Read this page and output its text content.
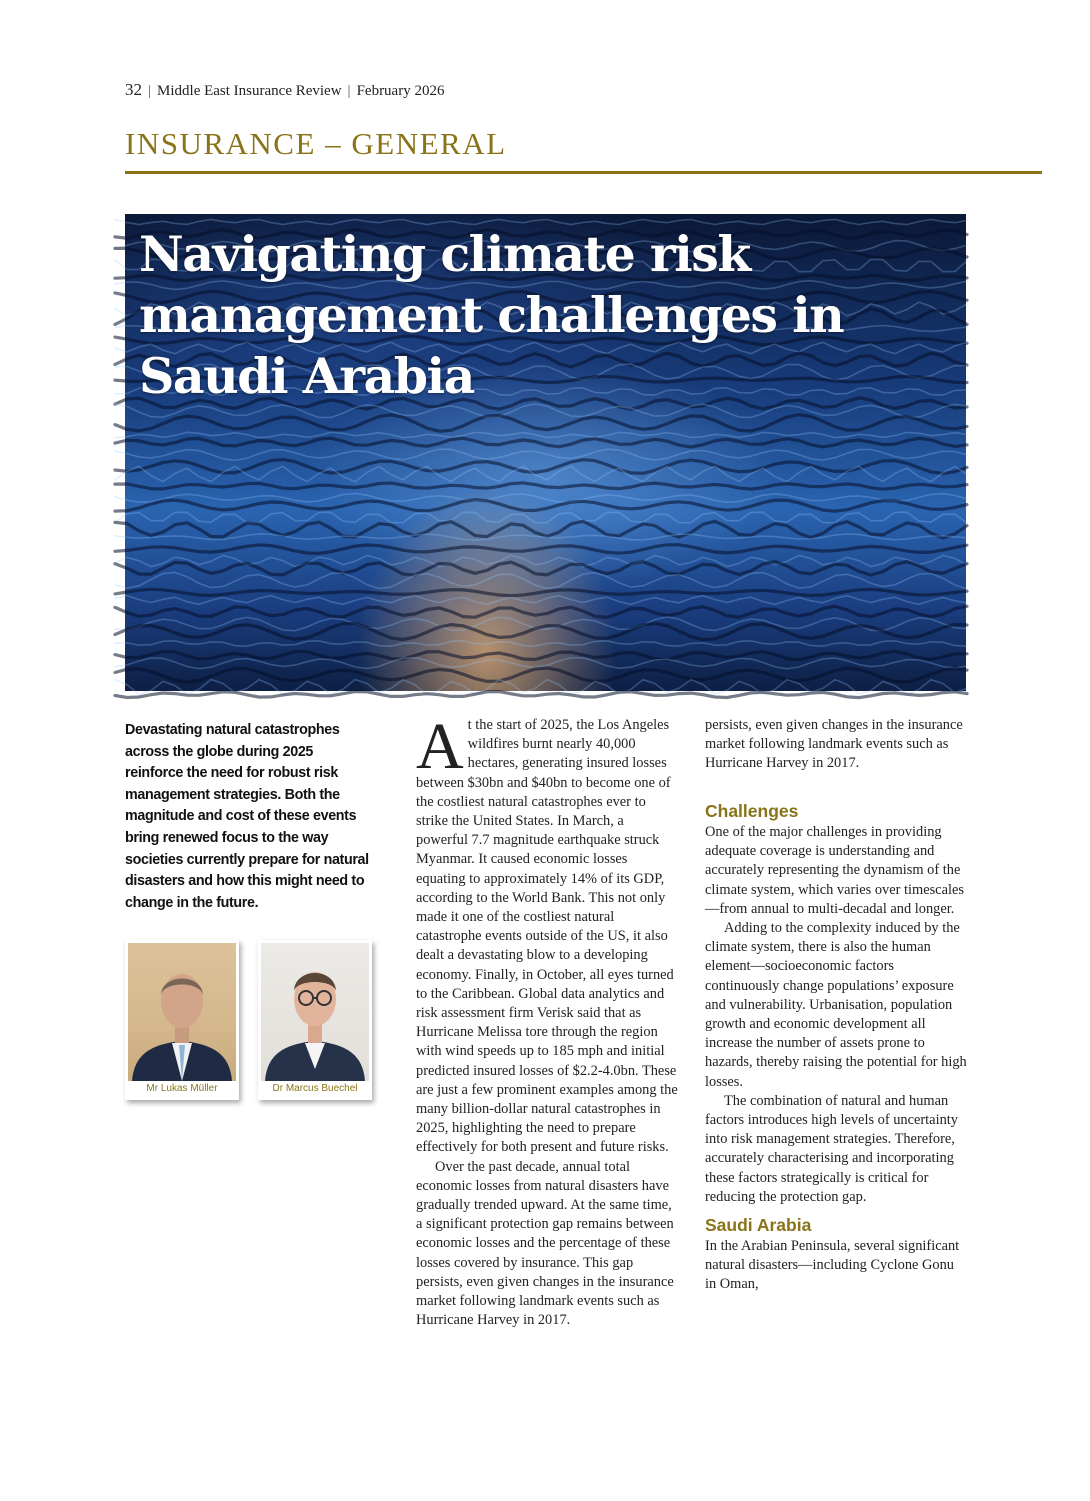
32 | Middle East Insurance Review | February 2026
INSURANCE – GENERAL
Navigating climate risk management challenges in Saudi Arabia

Devastating natural catastrophes across the globe during 2025 reinforce the need for robust risk management strategies. Both the magnitude and cost of these events bring renewed focus to the way societies currently prepare for natural disasters and how this might need to change in the future.

Mr Lukas Müller	Dr Marcus Buechel

At the start of 2025, the Los Angeles wildfires burnt nearly 40,000 hectares, generating insured losses between $30bn and $40bn to become one of the costliest natural catastrophes ever to strike the United States. In March, a powerful 7.7 magnitude earthquake struck Myanmar. It caused economic losses equating to approximately 14% of its GDP, according to the World Bank. This not only made it one of the costliest natural catastrophe events outside of the US, it also dealt a devastating blow to a developing economy. Finally, in October, all eyes turned to the Caribbean. Global data analytics and risk assessment firm Verisk said that as Hurricane Melissa tore through the region with wind speeds up to 185 mph and initial predicted insured losses of $2.2-4.0bn. These are just a few prominent examples among the many billion-dollar natural catastrophes in 2025, highlighting the need to prepare effectively for both present and future risks.

Over the past decade, annual total economic losses from natural disasters have gradually trended upward. At the same time, a significant protection gap remains between economic losses and the percentage of these losses covered by insurance. This gap persists, even given changes in the insurance market following landmark events such as Hurricane Harvey in 2017.

persists, even given changes in the insurance market following landmark events such as Hurricane Harvey in 2017.

Challenges

One of the major challenges in providing adequate coverage is understanding and accurately representing the dynamism of the climate system, which varies over timescales—from annual to multi-decadal and longer.

Adding to the complexity induced by the climate system, there is also the human element—socioeconomic factors continuously change populations’ exposure and vulnerability. Urbanisation, population growth and economic development all increase the number of assets prone to hazards, thereby raising the potential for high losses.

The combination of natural and human factors introduces high levels of uncertainty into risk management strategies. Therefore, accurately characterising and incorporating these factors strategically is critical for reducing the protection gap.

Saudi Arabia

In the Arabian Peninsula, several significant natural disasters—including Cyclone Gonu in Oman,
